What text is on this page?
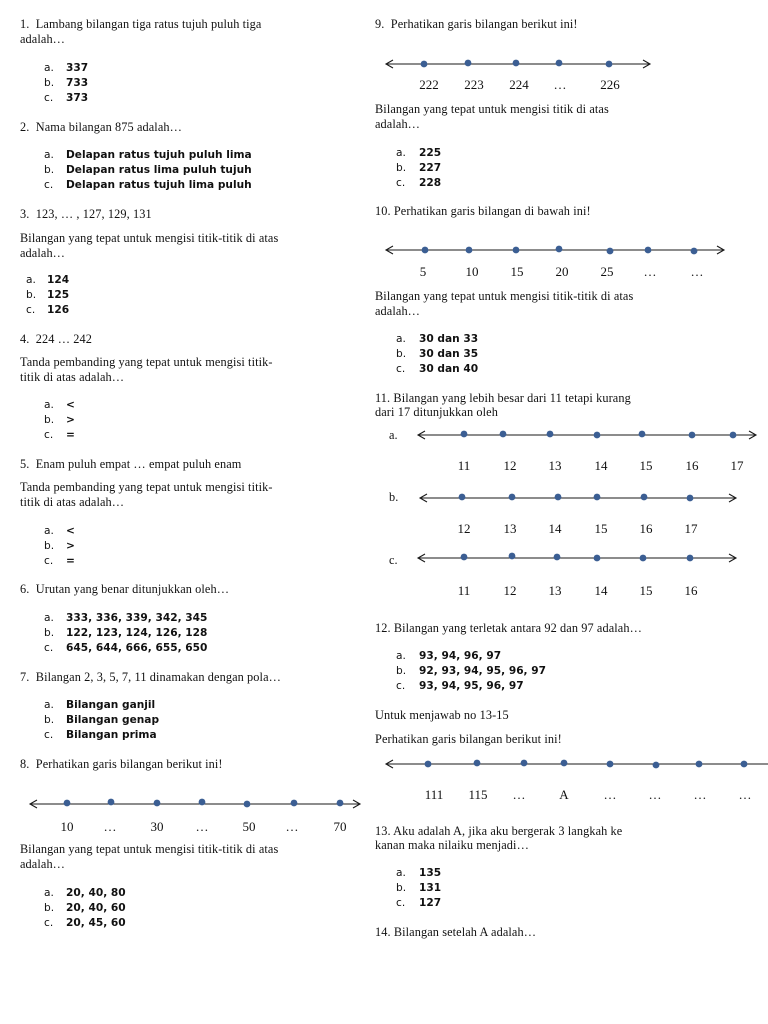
1.  Lambang bilangan tiga ratus tujuh puluh tiga
adalah…
a. 337
b. 733
c. 373
2.  Nama bilangan 875 adalah…
a. Delapan ratus tujuh puluh lima
b. Delapan ratus lima puluh tujuh
c. Delapan ratus tujuh lima puluh
3.  123, … , 127, 129, 131
Bilangan yang tepat untuk mengisi titik-titik di atas
adalah…
a. 124
b. 125
c. 126
4.  224 … 242
Tanda pembanding yang tepat untuk mengisi titik-
titik di atas adalah…
a. <
b. >
c. =
5.  Enam puluh empat … empat puluh enam
Tanda pembanding yang tepat untuk mengisi titik-
titik di atas adalah…
a. <
b. >
c. =
6.  Urutan yang benar ditunjukkan oleh…
a. 333, 336, 339, 342, 345
b. 122, 123, 124, 126, 128
c. 645, 644, 666, 655, 650
7.  Bilangan 2, 3, 5, 7, 11 dinamakan dengan pola…
a. Bilangan ganjil
b. Bilangan genap
c. Bilangan prima
8.  Perhatikan garis bilangan berikut ini!
10 …	30 …	50 …	70
Bilangan yang tepat untuk mengisi titik-titik di atas
adalah…
a. 20, 40, 80
b. 20, 40, 60
c. 20, 45, 60
9.  Perhatikan garis bilangan berikut ini!
222 223 224 …	226
Bilangan yang tepat untuk mengisi titik di atas
adalah…
a. 225
b. 227
c. 228
10. Perhatikan garis bilangan di bawah ini!
5	10 15 20 25 …	…
Bilangan yang tepat untuk mengisi titik-titik di atas
adalah…
a. 30 dan 33
b. 30 dan 35
c. 30 dan 40
11. Bilangan yang lebih besar dari 11 tetapi kurang
dari 17 ditunjukkan oleh
a.
11	12 13	14 15	16 17
b.
12	13 14	15 16 17
c.
11	12 13	14 15 16
12. Bilangan yang terletak antara 92 dan 97 adalah…
a. 93, 94, 96, 97
b. 92, 93, 94, 95, 96, 97
c. 93, 94, 95, 96, 97
Untuk menjawab no 13-15
Perhatikan garis bilangan berikut ini!
111 115 …	A	… … … …
13. Aku adalah A, jika aku bergerak 3 langkah ke
kanan maka nilaiku menjadi…
a. 135
b. 131
c. 127
14. Bilangan setelah A adalah…
